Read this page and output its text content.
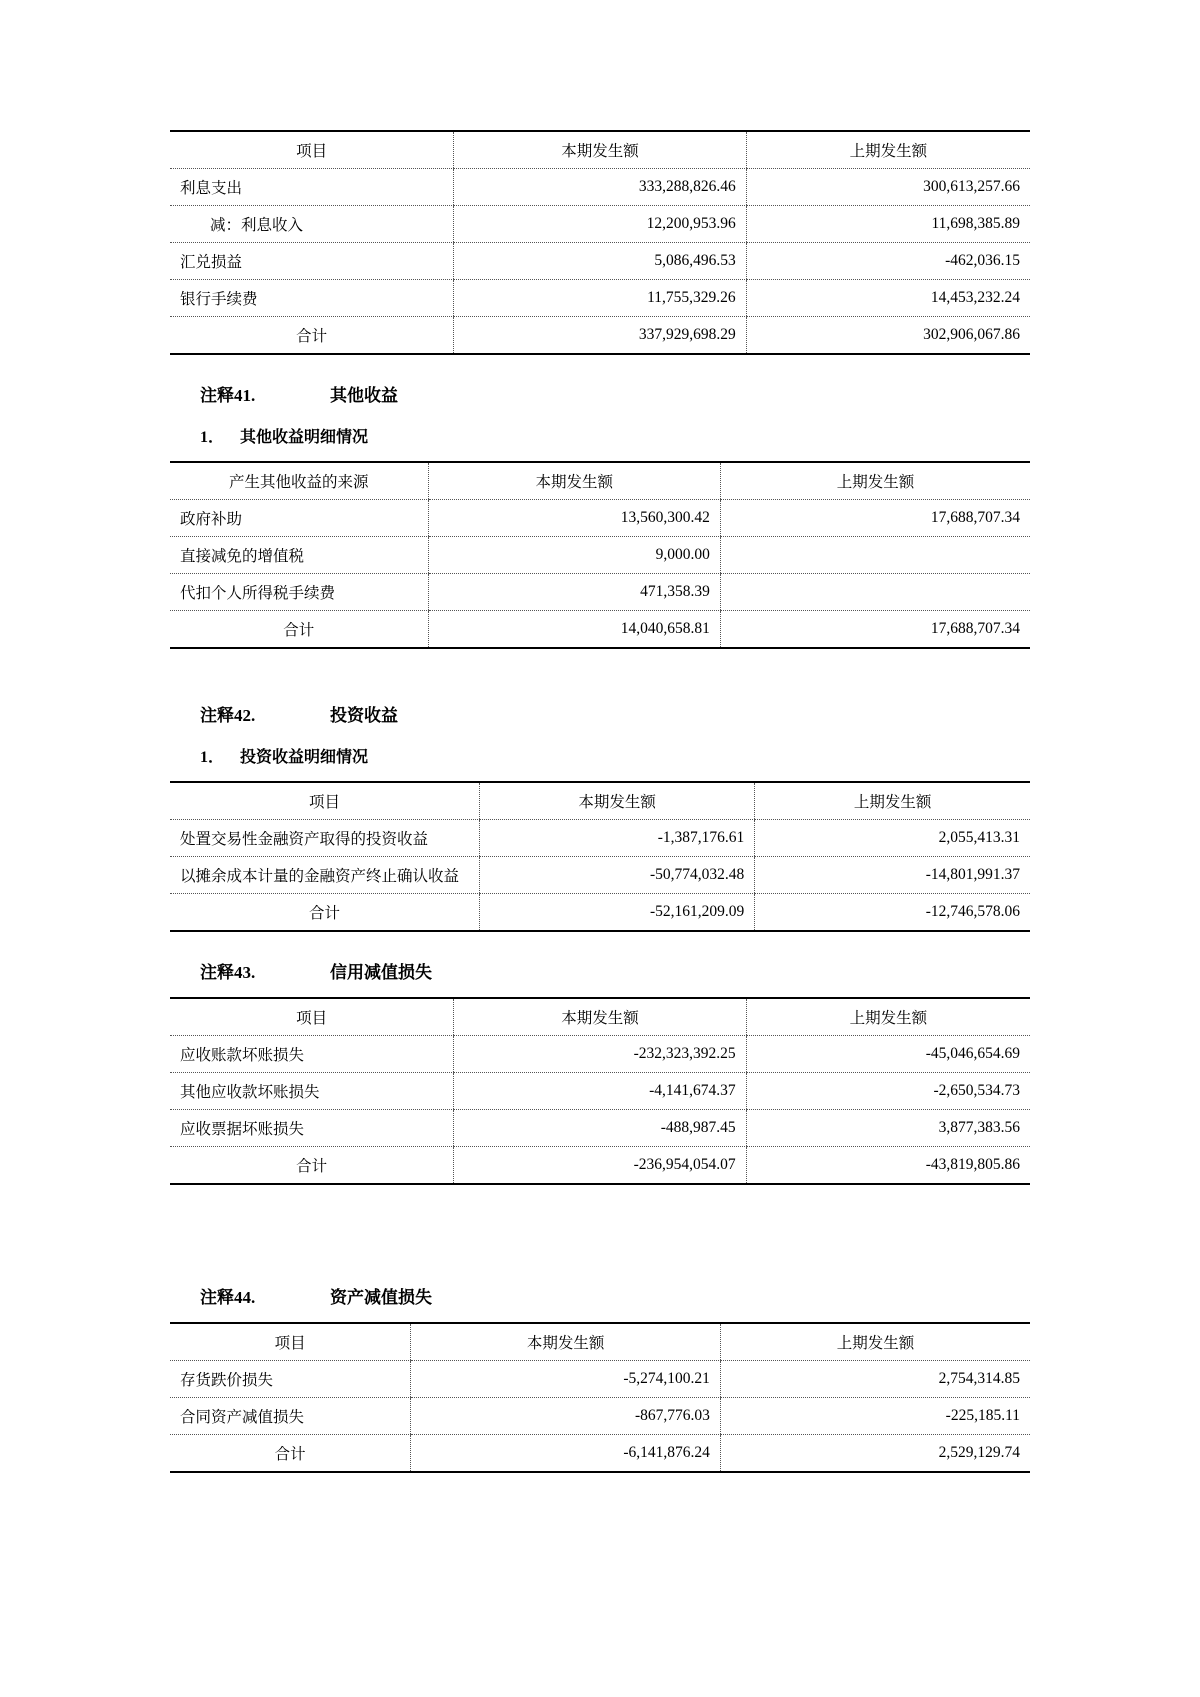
项目	本期发生额	上期发生额
利息支出	333,288,826.46	300,613,257.66
减：利息收入	12,200,953.96	11,698,385.89
汇兑损益	5,086,496.53	-462,036.15
银行手续费	11,755,329.26	14,453,232.24
合计	337,929,698.29	302,906,067.86
注释41.	其他收益
1． 其他收益明细情况
产生其他收益的来源	本期发生额	上期发生额
政府补助	13,560,300.42	17,688,707.34
直接减免的增值税	9,000.00	
代扣个人所得税手续费	471,358.39	
合计	14,040,658.81	17,688,707.34
注释42.	投资收益
1． 投资收益明细情况
项目	本期发生额	上期发生额
处置交易性金融资产取得的投资收益	-1,387,176.61	2,055,413.31
以摊余成本计量的金融资产终止确认收益	-50,774,032.48	-14,801,991.37
合计	-52,161,209.09	-12,746,578.06
注释43.	信用减值损失
项目	本期发生额	上期发生额
应收账款坏账损失	-232,323,392.25	-45,046,654.69
其他应收款坏账损失	-4,141,674.37	-2,650,534.73
应收票据坏账损失	-488,987.45	3,877,383.56
合计	-236,954,054.07	-43,819,805.86
注释44.	资产减值损失
项目	本期发生额	上期发生额
存货跌价损失	-5,274,100.21	2,754,314.85
合同资产减值损失	-867,776.03	-225,185.11
合计	-6,141,876.24	2,529,129.74
